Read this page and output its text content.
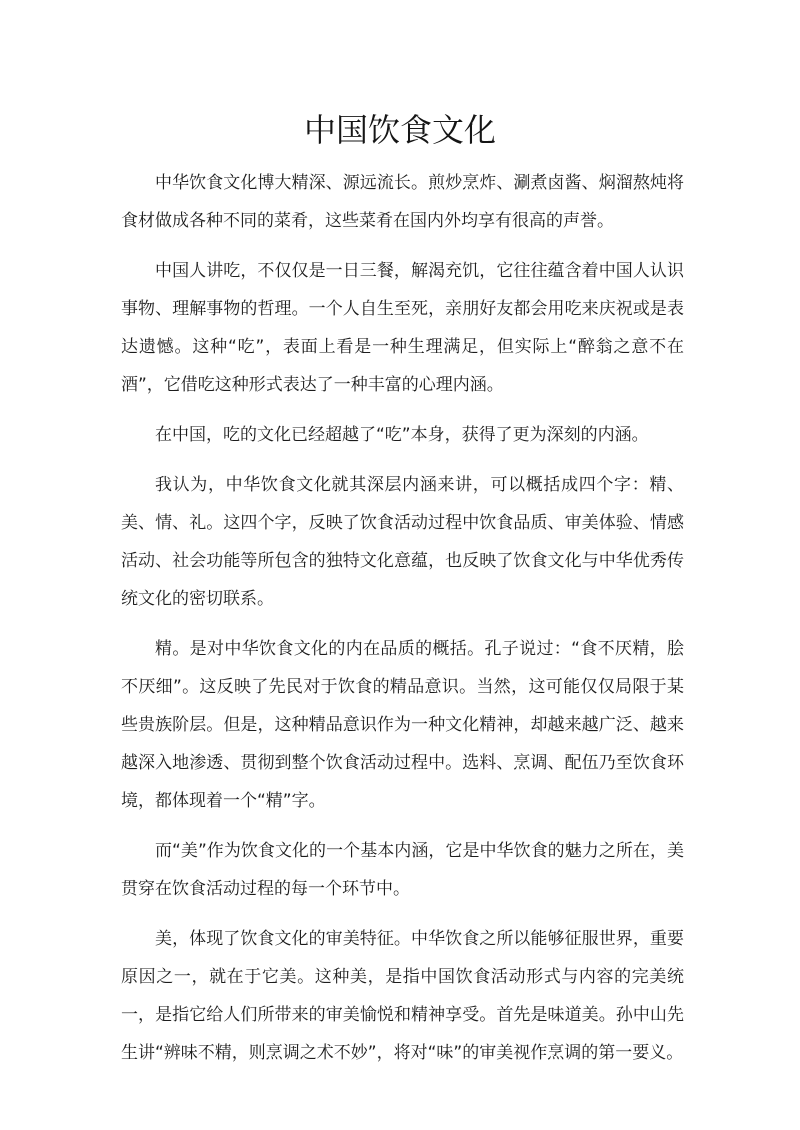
中国饮食文化

中华饮食文化博大精深、源远流长。煎炒烹炸、涮煮卤酱、焖溜熬炖将食材做成各种不同的菜肴，这些菜肴在国内外均享有很高的声誉。

中国人讲吃，不仅仅是一日三餐，解渴充饥，它往往蕴含着中国人认识事物、理解事物的哲理。一个人自生至死，亲朋好友都会用吃来庆祝或是表达遗憾。这种“吃”，表面上看是一种生理满足，但实际上“醉翁之意不在酒”，它借吃这种形式表达了一种丰富的心理内涵。

在中国，吃的文化已经超越了“吃”本身，获得了更为深刻的内涵。

我认为，中华饮食文化就其深层内涵来讲，可以概括成四个字：精、美、情、礼。这四个字，反映了饮食活动过程中饮食品质、审美体验、情感活动、社会功能等所包含的独特文化意蕴，也反映了饮食文化与中华优秀传统文化的密切联系。

精。是对中华饮食文化的内在品质的概括。孔子说过：“食不厌精，脍不厌细”。这反映了先民对于饮食的精品意识。当然，这可能仅仅局限于某些贵族阶层。但是，这种精品意识作为一种文化精神，却越来越广泛、越来越深入地渗透、贯彻到整个饮食活动过程中。选料、烹调、配伍乃至饮食环境，都体现着一个“精”字。

而“美”作为饮食文化的一个基本内涵，它是中华饮食的魅力之所在，美贯穿在饮食活动过程的每一个环节中。

美，体现了饮食文化的审美特征。中华饮食之所以能够征服世界，重要原因之一，就在于它美。这种美，是指中国饮食活动形式与内容的完美统一，是指它给人们所带来的审美愉悦和精神享受。首先是味道美。孙中山先生讲“辨味不精，则烹调之术不妙”，将对“味”的审美视作烹调的第一要义。
